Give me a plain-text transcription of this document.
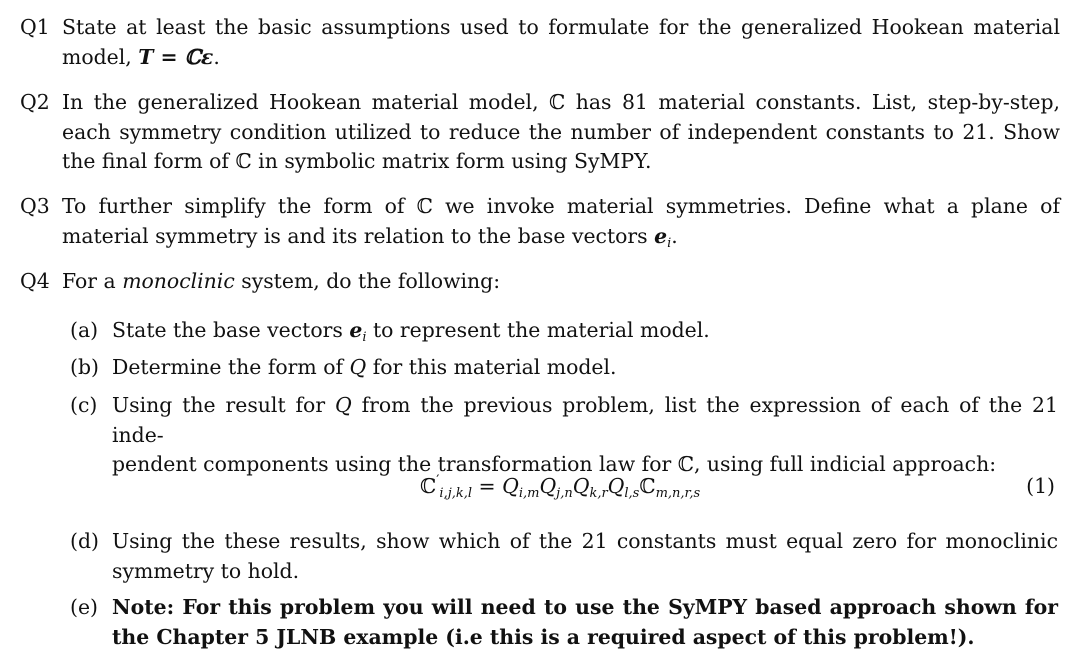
Q1 State at least the basic assumptions used to formulate for the generalized Hookean material model, T = ℂε.
Q2 In the generalized Hookean material model, ℂ has 81 material constants. List, step-by-step, each symmetry condition utilized to reduce the number of independent constants to 21. Show the final form of ℂ in symbolic matrix form using SyMPY.
Q3 To further simplify the form of ℂ we invoke material symmetries. Define what a plane of material symmetry is and its relation to the base vectors $e_i$.
Q4 For a monoclinic system, do the following:
(a) State the base vectors $e_i$ to represent the material model.
(b) Determine the form of Q for this material model.
(c) Using the result for Q from the previous problem, list the expression of each of the 21 inde-
pendent components using the transformation law for ℂ, using full indicial approach:
ℂ′$_{i,j,k,l}$ = $Q_{i,m}Q_{j,n}Q_{k,r}Q_{l,s}ℂ_{m,n,r,s}$	(1)
(d) Using the these results, show which of the 21 constants must equal zero for monoclinic symmetry to hold.
(e) Note: For this problem you will need to use the SyMPY based approach shown for the Chapter 5 JLNB example (i.e this is a required aspect of this problem!).
